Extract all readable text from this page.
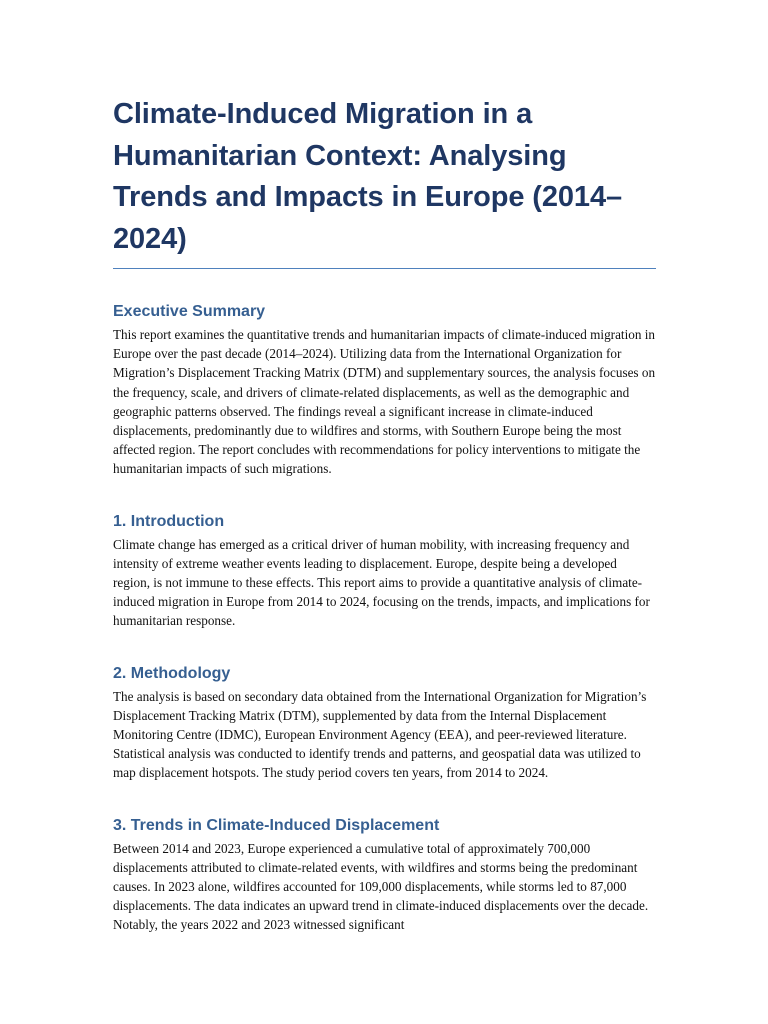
Climate-Induced Migration in a Humanitarian Context: Analysing Trends and Impacts in Europe (2014–2024)
Executive Summary

This report examines the quantitative trends and humanitarian impacts of climate-induced migration in Europe over the past decade (2014–2024). Utilizing data from the International Organization for Migration’s Displacement Tracking Matrix (DTM) and supplementary sources, the analysis focuses on the frequency, scale, and drivers of climate-related displacements, as well as the demographic and geographic patterns observed. The findings reveal a significant increase in climate-induced displacements, predominantly due to wildfires and storms, with Southern Europe being the most affected region. The report concludes with recommendations for policy interventions to mitigate the humanitarian impacts of such migrations.

1. Introduction

Climate change has emerged as a critical driver of human mobility, with increasing frequency and intensity of extreme weather events leading to displacement. Europe, despite being a developed region, is not immune to these effects. This report aims to provide a quantitative analysis of climate-induced migration in Europe from 2014 to 2024, focusing on the trends, impacts, and implications for humanitarian response.

2. Methodology

The analysis is based on secondary data obtained from the International Organization for Migration’s Displacement Tracking Matrix (DTM), supplemented by data from the Internal Displacement Monitoring Centre (IDMC), European Environment Agency (EEA), and peer-reviewed literature. Statistical analysis was conducted to identify trends and patterns, and geospatial data was utilized to map displacement hotspots. The study period covers ten years, from 2014 to 2024.

3. Trends in Climate-Induced Displacement

Between 2014 and 2023, Europe experienced a cumulative total of approximately 700,000 displacements attributed to climate-related events, with wildfires and storms being the predominant causes. In 2023 alone, wildfires accounted for 109,000 displacements, while storms led to 87,000 displacements. The data indicates an upward trend in climate-induced displacements over the decade. Notably, the years 2022 and 2023 witnessed significant
